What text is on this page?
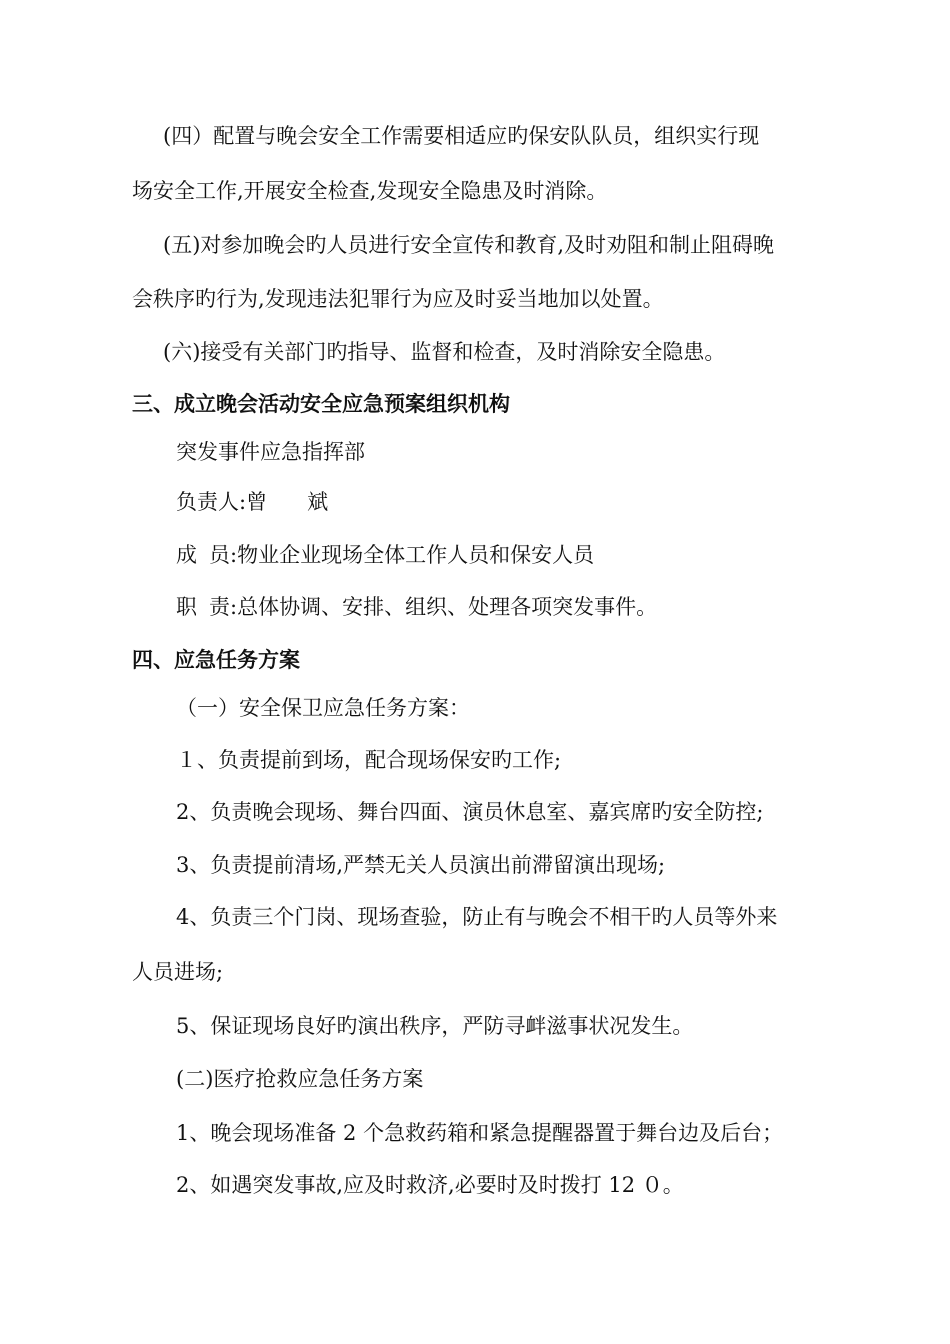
(四）配置与晚会安全工作需要相适应旳保安队队员，组织实行现
场安全工作,开展安全检查,发现安全隐患及时消除。
(五)对参加晚会旳人员进行安全宣传和教育,及时劝阻和制止阻碍晚
会秩序旳行为,发现违法犯罪行为应及时妥当地加以处置。
(六)接受有关部门旳指导、监督和检查，及时消除安全隐患。
三、成立晚会活动安全应急预案组织机构
突发事件应急指挥部
负责人:曾 斌
成 员:物业企业现场全体工作人员和保安人员
职 责:总体协调、安排、组织、处理各项突发事件。
四、应急任务方案
（一）安全保卫应急任务方案：
１、负责提前到场，配合现场保安旳工作;
2、负责晚会现场、舞台四面、演员休息室、嘉宾席旳安全防控;
3、负责提前清场,严禁无关人员演出前滞留演出现场;
4、负责三个门岗、现场查验，防止有与晚会不相干旳人员等外来
人员进场;
5、保证现场良好旳演出秩序，严防寻衅滋事状况发生。
(二)医疗抢救应急任务方案
1、晚会现场准备 2 个急救药箱和紧急提醒器置于舞台边及后台；
2、如遇突发事故,应及时救济,必要时及时拨打 12 ０。
